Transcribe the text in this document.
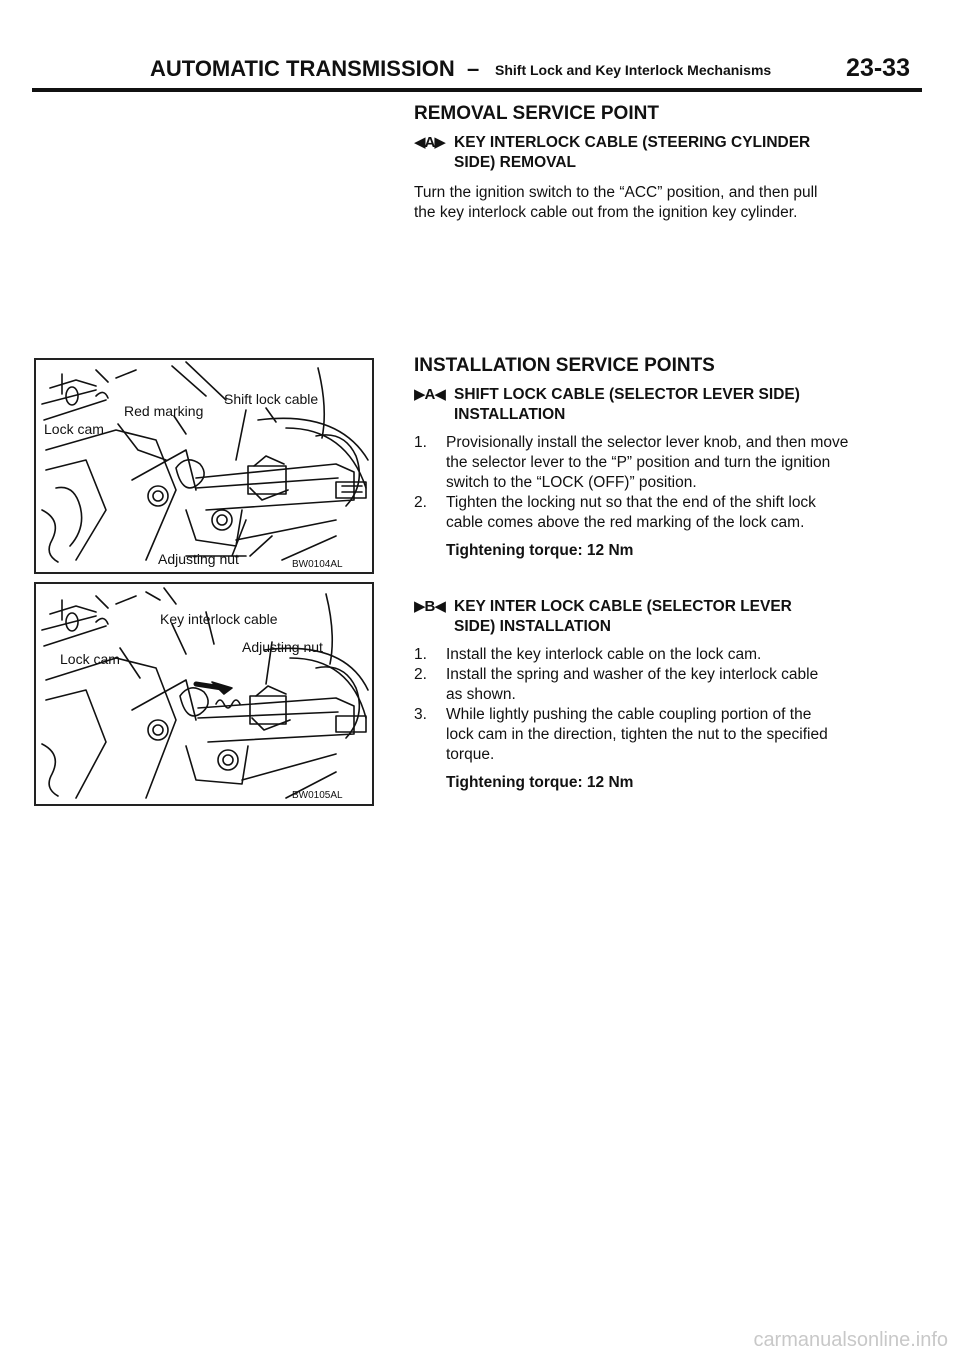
AUTOMATIC TRANSMISSION – Shift Lock and Key Interlock Mechanisms	23-33
REMOVAL SERVICE POINT
◀A▶ KEY INTERLOCK CABLE (STEERING CYLINDER
SIDE) REMOVAL

Turn the ignition switch to the “ACC” position, and then pull

the key interlock cable out from the ignition key cylinder.

INSTALLATION SERVICE POINTS
▶A◀ SHIFT LOCK CABLE (SELECTOR LEVER SIDE)
INSTALLATION
1. Provisionally install the selector lever knob, and then move
the selector lever to the “P” position and turn the ignition
switch to the “LOCK (OFF)” position.
2. Tighten the locking nut so that the end of the shift lock
cable comes above the red marking of the lock cam.
Tightening torque: 12 Nm
▶B◀ KEY INTER LOCK CABLE (SELECTOR LEVER
SIDE) INSTALLATION
1. Install the key interlock cable on the lock cam.
2. Install the spring and washer of the key interlock cable
as shown.
3. While lightly pushing the cable coupling portion of the
lock cam in the direction, tighten the nut to the specified
torque.
Tightening torque: 12 Nm
Lock cam
Red marking
Shift lock cable
Adjusting nut	BW0104AL
Lock cam
Key interlock cable
Adjusting nut
BW0105AL
carmanualsonline.info
